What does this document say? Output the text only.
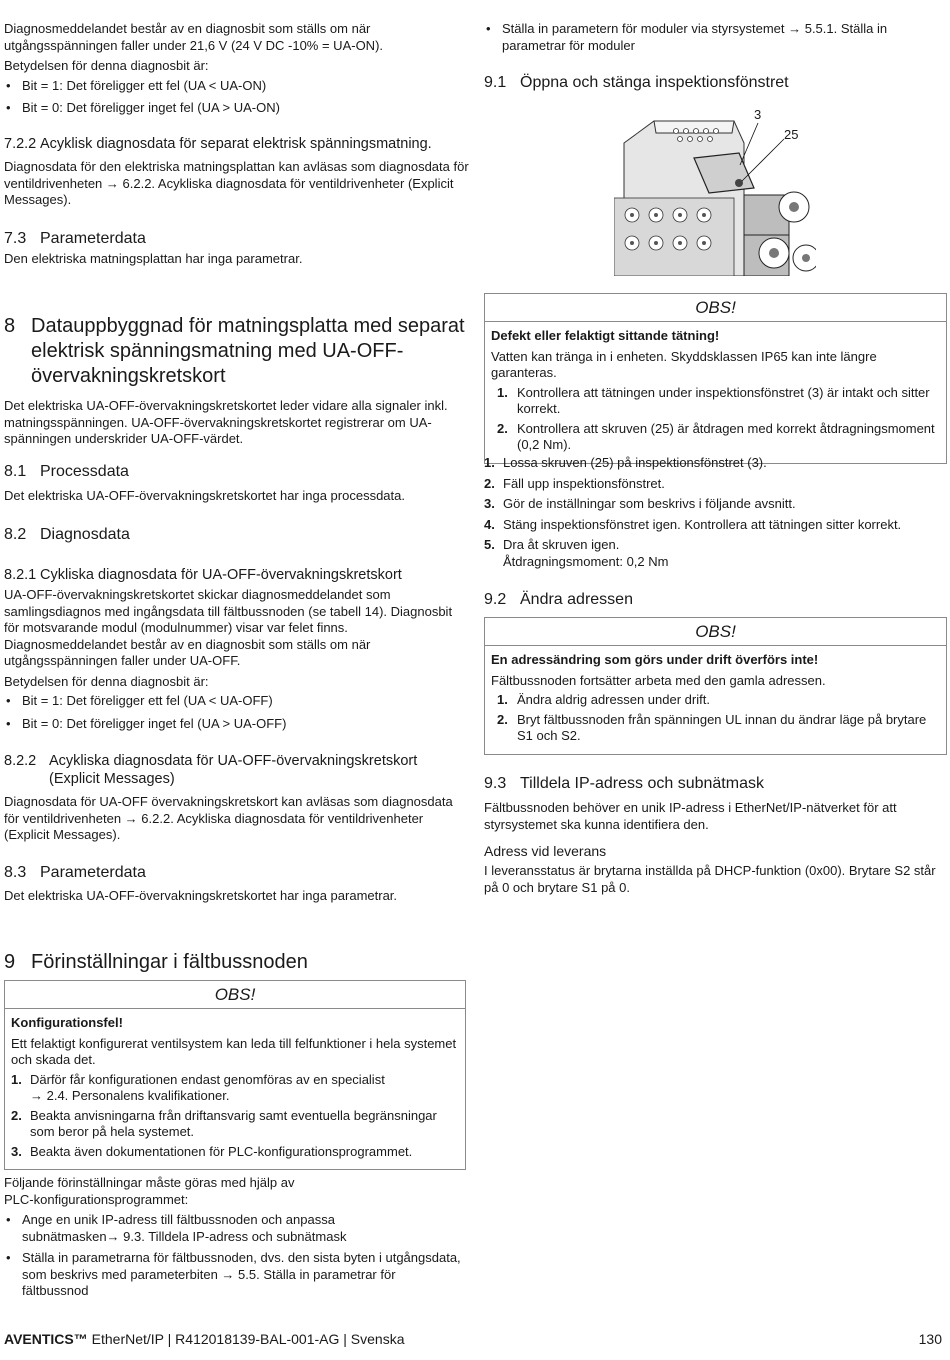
Diagnosmeddelandet består av en diagnosbit som ställs om när utgångsspänningen faller under 21,6 V (24 V DC -10% = UA-ON).

Betydelsen för denna diagnosbit är:

• Bit = 1: Det föreligger ett fel (UA < UA-ON)
• Bit = 0: Det föreligger inget fel (UA > UA-ON)
7.2.2 Acyklisk diagnosdata för separat elektrisk spänningsmatning.

Diagnosdata för den elektriska matningsplattan kan avläsas som diagnosdata för ventildrivenheten → 6.2.2. Acykliska diagnosdata för ventildrivenheter (Explicit Messages).

7.3 Parameterdata

Den elektriska matningsplattan har inga parametrar.

8 Datauppbyggnad för matningsplatta med separat elektrisk spänningsmatning med UA-OFF-övervakningskretskort

Det elektriska UA-OFF-övervakningskretskortet leder vidare alla signaler inkl. matningsspänningen. UA-OFF-övervakningskretskortet registrerar om UA-spänningen underskrider UA-OFF-värdet.

8.1 Processdata

Det elektriska UA-OFF-övervakningskretskortet har inga processdata.

8.2 Diagnosdata
8.2.1 Cykliska diagnosdata för UA-OFF-övervakningskretskort

UA-OFF-övervakningskretskortet skickar diagnosmeddelandet som samlingsdiagnos med ingångsdata till fältbussnoden (se tabell 14). Diagnosbit för motsvarande modul (modulnummer) visar var felet finns. Diagnosmeddelandet består av en diagnosbit som ställs om när utgångsspänningen faller under UA-OFF.

Betydelsen för denna diagnosbit är:

• Bit = 1: Det föreligger ett fel (UA < UA-OFF)
• Bit = 0: Det föreligger inget fel (UA > UA-OFF)
8.2.2 Acykliska diagnosdata för UA-OFF-övervakningskretskort (Explicit Messages)

Diagnosdata för UA-OFF övervakningskretskort kan avläsas som diagnosdata för ventildrivenheten → 6.2.2. Acykliska diagnosdata för ventildrivenheter (Explicit Messages).

8.3 Parameterdata

Det elektriska UA-OFF-övervakningskretskortet har inga parametrar.

• Ställa in parametern för moduler via styrsystemet → 5.5.1. Ställa in parametrar för moduler
9.1 Öppna och stänga inspektionsfönstret
3
25
OBS!

Defekt eller felaktigt sittande tätning!

Vatten kan tränga in i enheten. Skyddsklassen IP65 kan inte längre garanteras.

1. Kontrollera att tätningen under inspektionsfönstret (3) är intakt och sitter korrekt.
2. Kontrollera att skruven (25) är åtdragen med korrekt åtdragningsmoment (0,2 Nm).
1. Lossa skruven (25) på inspektionsfönstret (3).
2. Fäll upp inspektionsfönstret.
3. Gör de inställningar som beskrivs i följande avsnitt.
4. Stäng inspektionsfönstret igen. Kontrollera att tätningen sitter korrekt.
5. Dra åt skruven igen.
Åtdragningsmoment: 0,2 Nm
9.2 Ändra adressen
OBS!

En adressändring som görs under drift överförs inte!

Fältbussnoden fortsätter arbeta med den gamla adressen.

1. Ändra aldrig adressen under drift.
2. Bryt fältbussnoden från spänningen UL innan du ändrar läge på brytare S1 och S2.
9.3 Tilldela IP-adress och subnätmask

Fältbussnoden behöver en unik IP-adress i EtherNet/IP-nätverket för att styrsystemet ska kunna identifiera den.

Adress vid leverans

I leveransstatus är brytarna inställda på DHCP-funktion (0x00). Brytare S2 står på 0 och brytare S1 på 0.

9 Förinställningar i fältbussnoden
OBS!

Konfigurationsfel!

Ett felaktigt konfigurerat ventilsystem kan leda till felfunktioner i hela systemet och skada det.

1. Därför får konfigurationen endast genomföras av en specialist
→ 2.4. Personalens kvalifikationer.
2. Beakta anvisningarna från driftansvarig samt eventuella begränsningar som beror på hela systemet.
3. Beakta även dokumentationen för PLC-konfigurationsprogrammet.

Följande förinställningar måste göras med hjälp av PLC-konfigurationsprogrammet:

• Ange en unik IP-adress till fältbussnoden och anpassa
subnätmasken→ 9.3. Tilldela IP-adress och subnätmask
• Ställa in parametrarna för fältbussnoden, dvs. den sista byten i utgångsdata,
som beskrivs med parameterbiten → 5.5. Ställa in parametrar för fältbussnod
AVENTICS™ EtherNet/IP | R412018139-BAL-001-AG | Svenska	130
